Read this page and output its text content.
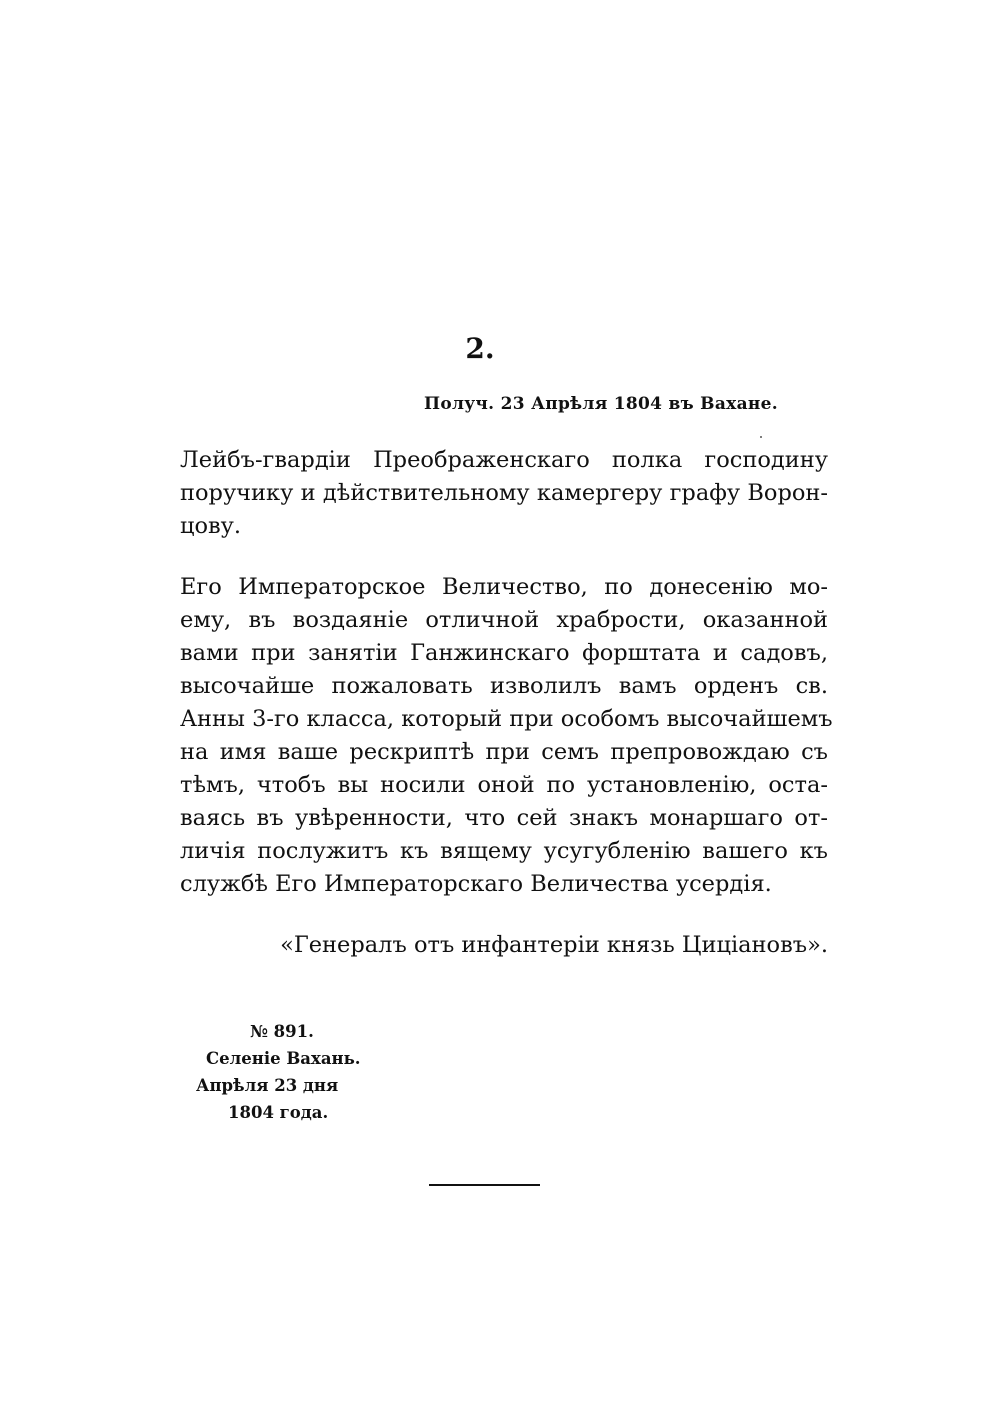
2.
Получ. 23 Апрѣля 1804 въ Вахане.
Лейбъ-гвардіи Преображенскаго полка господину
поручику и дѣйствительному камергеру графу Ворон-
цову.
Его Императорское Величество, по донесенію мо-
ему, въ воздаяніе отличной храбрости, оказанной
вами при занятіи Ганжинскаго форштата и садовъ,
высочайше пожаловать изволилъ вамъ орденъ св.
Анны 3-го класса, который при особомъ высочайшемъ
на имя ваше рескриптѣ при семъ препровождаю съ
тѣмъ, чтобъ вы носили оной по установленію, оста-
ваясь въ увѣренности, что сей знакъ монаршаго от-
личія послужитъ къ вящему усугубленію вашего къ
службѣ Его Императорскаго Величества усердія.
«Генералъ отъ инфантеріи князь Цицiановъ».
№ 891.
Селеніе Вахань.
Апрѣля 23 дня
1804 года.
